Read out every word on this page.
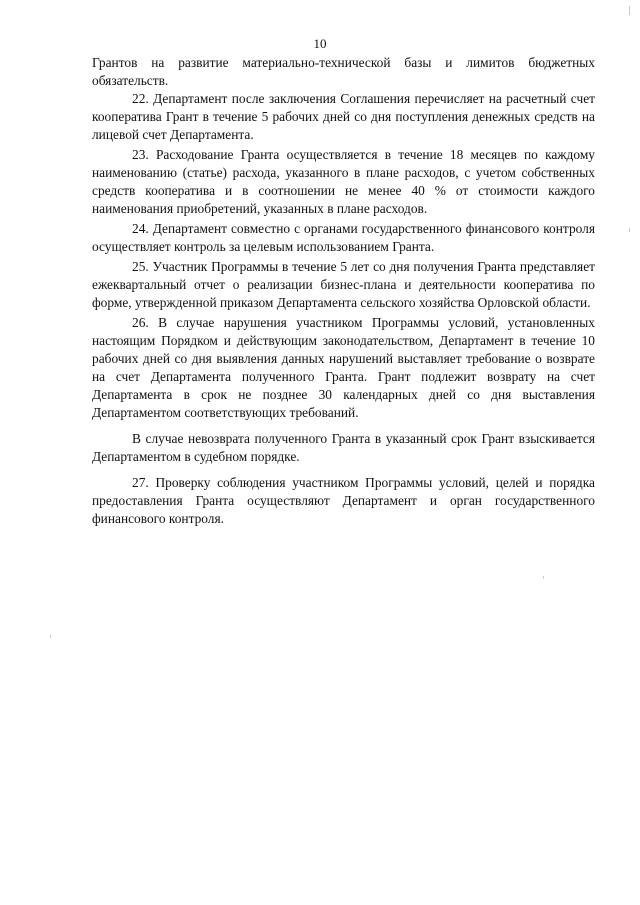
10

Грантов на развитие материально-технической базы и лимитов бюджетных обязательств.

22. Департамент после заключения Соглашения перечисляет на расчетный счет кооператива Грант в течение 5 рабочих дней со дня поступления денежных средств на лицевой счет Департамента.

23. Расходование Гранта осуществляется в течение 18 месяцев по каждому наименованию (статье) расхода, указанного в плане расходов, с учетом собственных средств кооператива и в соотношении не менее 40 % от стоимости каждого наименования приобретений, указанных в плане расходов.

24. Департамент совместно с органами государственного финансового контроля осуществляет контроль за целевым использованием Гранта.

25. Участник Программы в течение 5 лет со дня получения Гранта представляет ежеквартальный отчет о реализации бизнес-плана и деятельности кооператива по форме, утвержденной приказом Департамента сельского хозяйства Орловской области.

26. В случае нарушения участником Программы условий, установленных настоящим Порядком и действующим законодательством, Департамент в течение 10 рабочих дней со дня выявления данных нарушений выставляет требование о возврате на счет Департамента полученного Гранта. Грант подлежит возврату на счет Департамента в срок не позднее 30 календарных дней со дня выставления Департаментом соответствующих требований.

В случае невозврата полученного Гранта в указанный срок Грант взыскивается Департаментом в судебном порядке.

27. Проверку соблюдения участником Программы условий, целей и порядка предоставления Гранта осуществляют Департамент и орган государственного финансового контроля.
